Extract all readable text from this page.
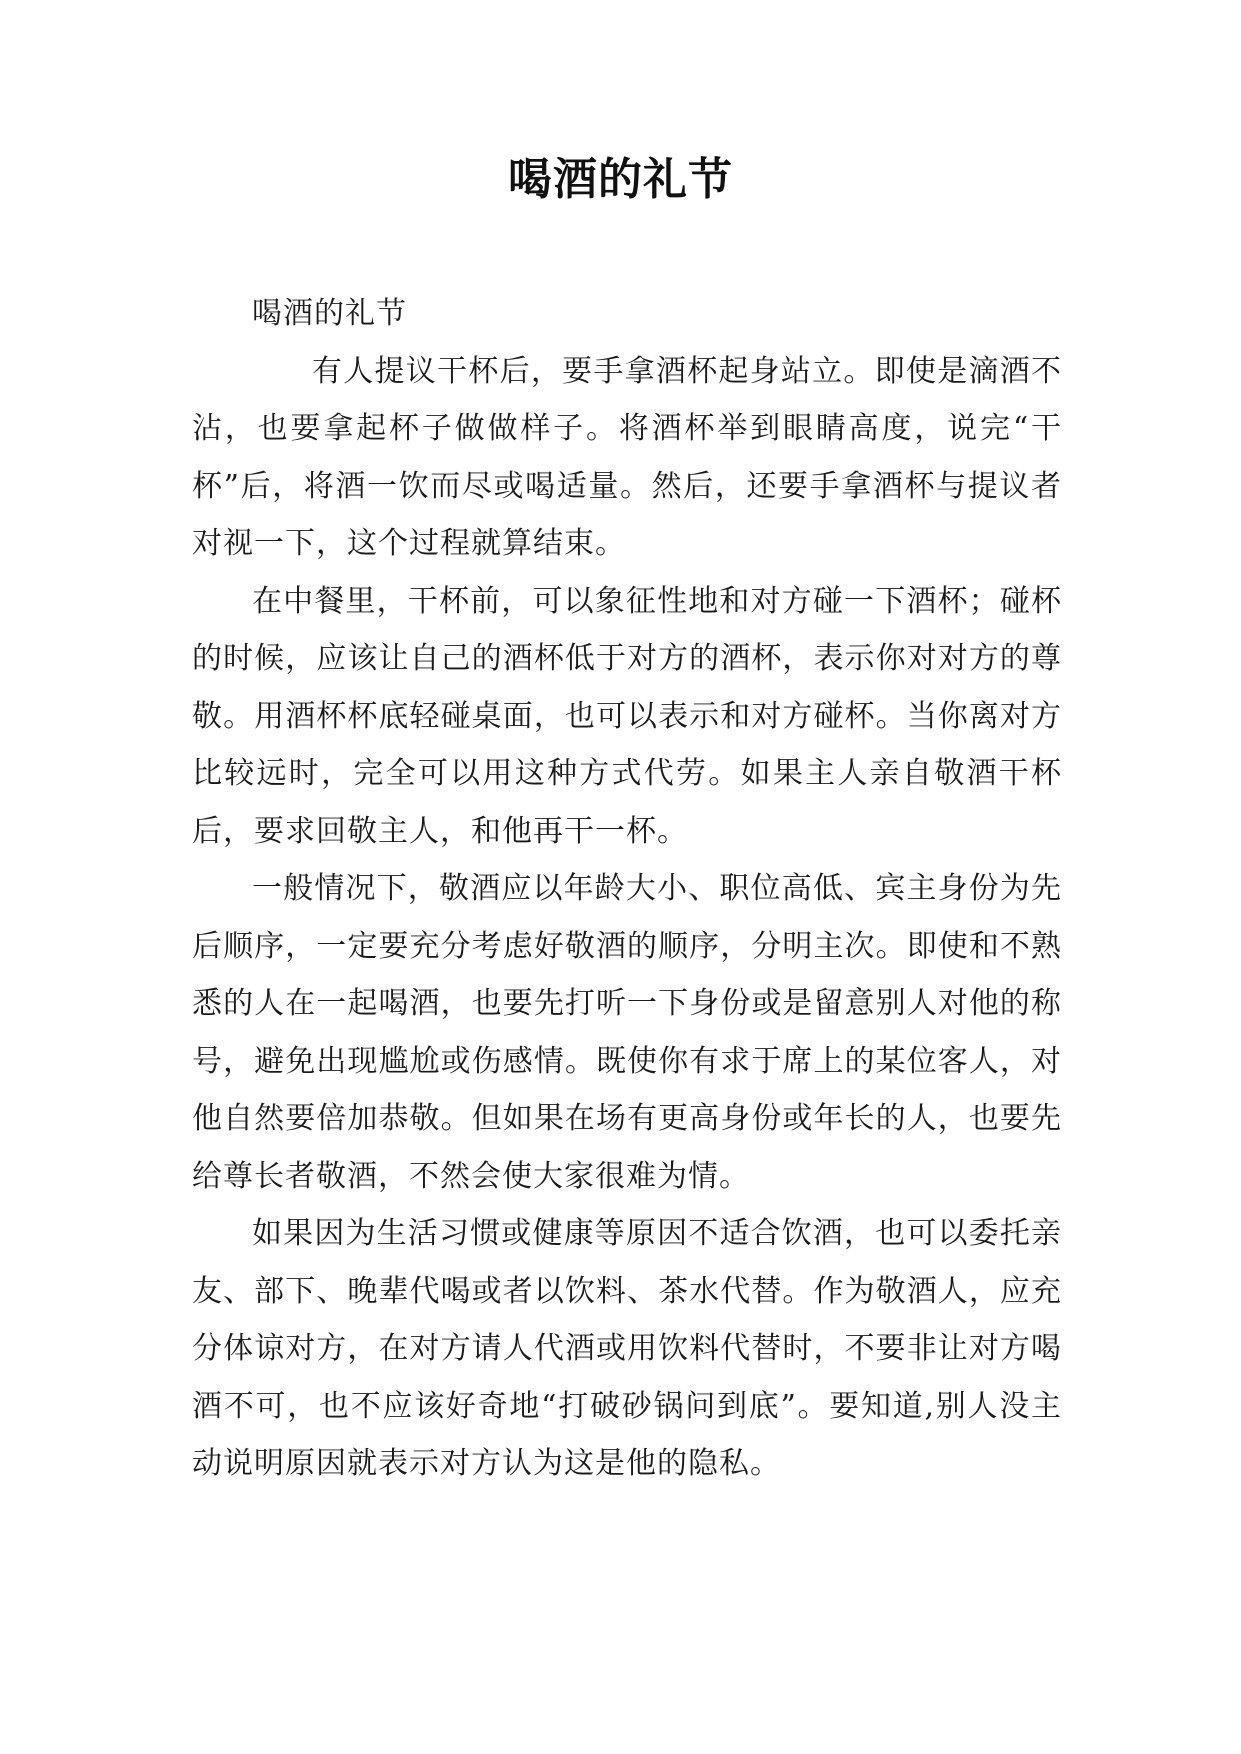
喝酒的礼节

喝酒的礼节

有人提议干杯后，要手拿酒杯起身站立。即使是滴酒不沾，也要拿起杯子做做样子。将酒杯举到眼睛高度，说完“干杯”后，将酒一饮而尽或喝适量。然后，还要手拿酒杯与提议者对视一下，这个过程就算结束。

在中餐里，干杯前，可以象征性地和对方碰一下酒杯；碰杯的时候，应该让自己的酒杯低于对方的酒杯，表示你对对方的尊敬。用酒杯杯底轻碰桌面，也可以表示和对方碰杯。当你离对方比较远时，完全可以用这种方式代劳。如果主人亲自敬酒干杯后，要求回敬主人，和他再干一杯。

一般情况下，敬酒应以年龄大小、职位高低、宾主身份为先后顺序，一定要充分考虑好敬酒的顺序，分明主次。即使和不熟悉的人在一起喝酒，也要先打听一下身份或是留意别人对他的称号，避免出现尴尬或伤感情。既使你有求于席上的某位客人，对他自然要倍加恭敬。但如果在场有更高身份或年长的人，也要先给尊长者敬酒，不然会使大家很难为情。

如果因为生活习惯或健康等原因不适合饮酒，也可以委托亲友、部下、晚辈代喝或者以饮料、茶水代替。作为敬酒人，应充分体谅对方，在对方请人代酒或用饮料代替时，不要非让对方喝酒不可，也不应该好奇地“打破砂锅问到底”。要知道,别人没主动说明原因就表示对方认为这是他的隐私。
